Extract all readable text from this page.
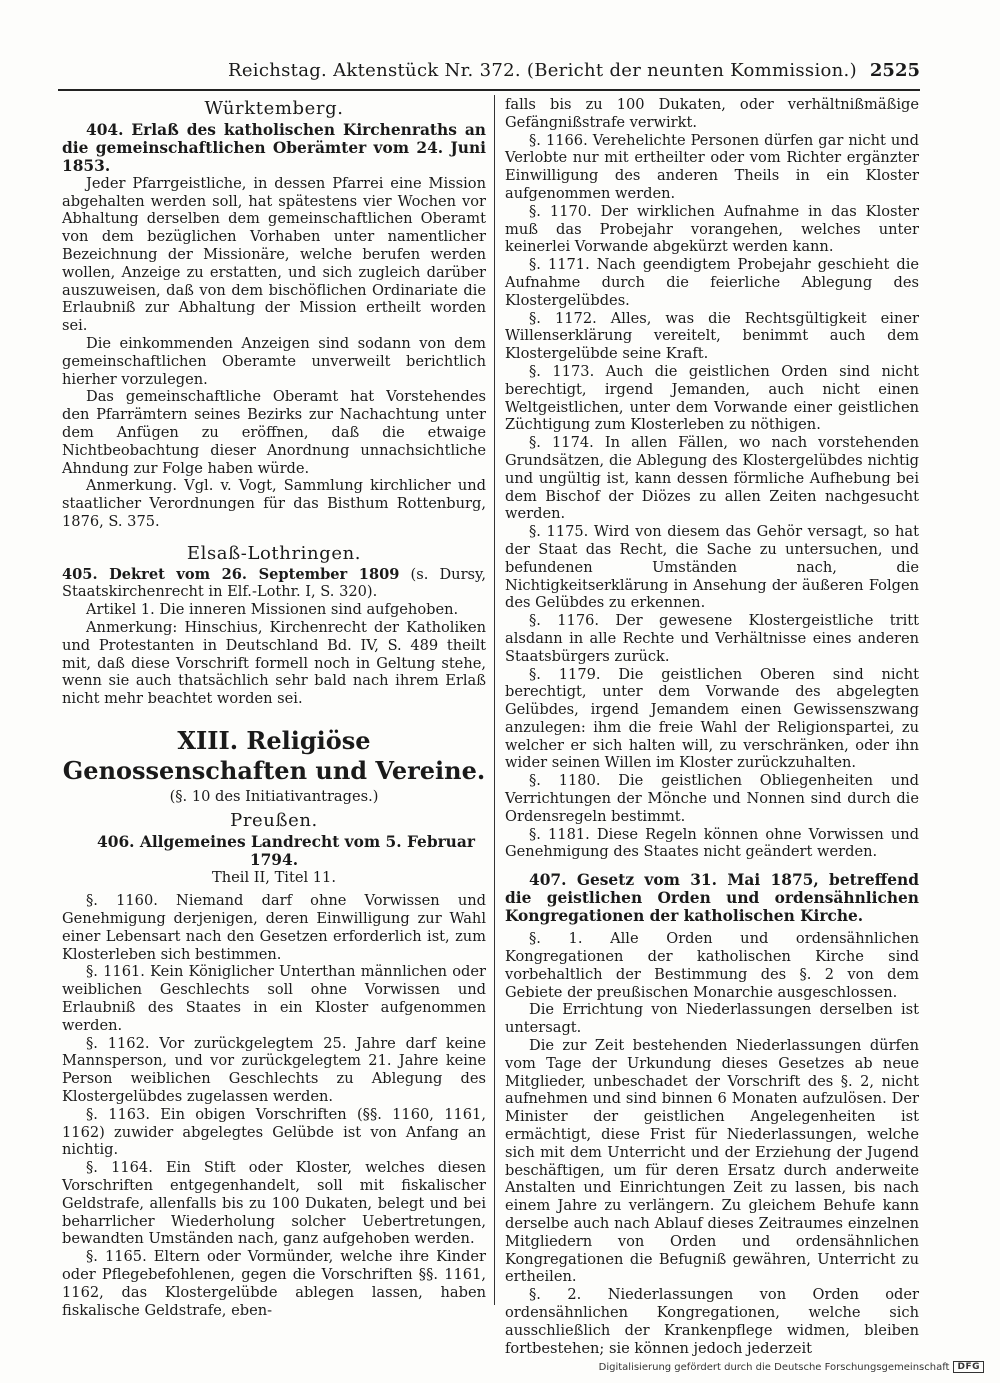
Reichstag. Aktenstück Nr. 372. (Bericht der neunten Kommission.) 2525
Würktemberg.

404. Erlaß des katholischen Kirchenraths an die gemeinschaftlichen Oberämter vom 24. Juni 1853.

Jeder Pfarrgeistliche, in dessen Pfarrei eine Mission abgehalten werden soll, hat spätestens vier Wochen vor Abhaltung derselben dem gemeinschaftlichen Oberamt von dem bezüglichen Vorhaben unter namentlicher Bezeichnung der Missionäre, welche berufen werden wollen, Anzeige zu erstatten, und sich zugleich darüber auszuweisen, daß von dem bischöflichen Ordinariate die Erlaubniß zur Abhaltung der Mission ertheilt worden sei.

Die einkommenden Anzeigen sind sodann von dem gemeinschaftlichen Oberamte unverweilt berichtlich hierher vorzulegen.

Das gemeinschaftliche Oberamt hat Vorstehendes den Pfarrämtern seines Bezirks zur Nachachtung unter dem Anfügen zu eröffnen, daß die etwaige Nichtbeobachtung dieser Anordnung unnachsichtliche Ahndung zur Folge haben würde.

Anmerkung. Vgl. v. Vogt, Sammlung kirchlicher und staatlicher Verordnungen für das Bisthum Rottenburg, 1876, S. 375.

Elsaß-Lothringen.

405. Dekret vom 26. September 1809 (s. Dursy, Staatskirchenrecht in Elf.-Lothr. I, S. 320).

Artikel 1. Die inneren Missionen sind aufgehoben.

Anmerkung: Hinschius, Kirchenrecht der Katholiken und Protestanten in Deutschland Bd. IV, S. 489 theilt mit, daß diese Vorschrift formell noch in Geltung stehe, wenn sie auch thatsächlich sehr bald nach ihrem Erlaß nicht mehr beachtet worden sei.

XIII. Religiöse Genossenschaften und Vereine.
(§. 10 des Initiativantrages.)
Preußen.

406. Allgemeines Landrecht vom 5. Februar 1794.

Theil II, Titel 11.

§. 1160. Niemand darf ohne Vorwissen und Genehmigung derjenigen, deren Einwilligung zur Wahl einer Lebensart nach den Gesetzen erforderlich ist, zum Klosterleben sich bestimmen.

§. 1161. Kein Königlicher Unterthan männlichen oder weiblichen Geschlechts soll ohne Vorwissen und Erlaubniß des Staates in ein Kloster aufgenommen werden.

§. 1162. Vor zurückgelegtem 25. Jahre darf keine Mannsperson, und vor zurückgelegtem 21. Jahre keine Person weiblichen Geschlechts zu Ablegung des Klostergelübdes zugelassen werden.

§. 1163. Ein obigen Vorschriften (§§. 1160, 1161, 1162) zuwider abgelegtes Gelübde ist von Anfang an nichtig.

§. 1164. Ein Stift oder Kloster, welches diesen Vorschriften entgegenhandelt, soll mit fiskalischer Geldstrafe, allenfalls bis zu 100 Dukaten, belegt und bei beharrlicher Wiederholung solcher Uebertretungen, bewandten Umständen nach, ganz aufgehoben werden.

§. 1165. Eltern oder Vormünder, welche ihre Kinder oder Pflegebefohlenen, gegen die Vorschriften §§. 1161, 1162, das Klostergelübde ablegen lassen, haben fiskalische Geldstrafe, eben-

falls bis zu 100 Dukaten, oder verhältnißmäßige Gefängnißstrafe verwirkt.

§. 1166. Verehelichte Personen dürfen gar nicht und Verlobte nur mit ertheilter oder vom Richter ergänzter Einwilligung des anderen Theils in ein Kloster aufgenommen werden.

§. 1170. Der wirklichen Aufnahme in das Kloster muß das Probejahr vorangehen, welches unter keinerlei Vorwande abgekürzt werden kann.

§. 1171. Nach geendigtem Probejahr geschieht die Aufnahme durch die feierliche Ablegung des Klostergelübdes.

§. 1172. Alles, was die Rechtsgültigkeit einer Willenserklärung vereitelt, benimmt auch dem Klostergelübde seine Kraft.

§. 1173. Auch die geistlichen Orden sind nicht berechtigt, irgend Jemanden, auch nicht einen Weltgeistlichen, unter dem Vorwande einer geistlichen Züchtigung zum Klosterleben zu nöthigen.

§. 1174. In allen Fällen, wo nach vorstehenden Grundsätzen, die Ablegung des Klostergelübdes nichtig und ungültig ist, kann dessen förmliche Aufhebung bei dem Bischof der Diözes zu allen Zeiten nachgesucht werden.

§. 1175. Wird von diesem das Gehör versagt, so hat der Staat das Recht, die Sache zu untersuchen, und befundenen Umständen nach, die Nichtigkeitserklärung in Ansehung der äußeren Folgen des Gelübdes zu erkennen.

§. 1176. Der gewesene Klostergeistliche tritt alsdann in alle Rechte und Verhältnisse eines anderen Staatsbürgers zurück.

§. 1179. Die geistlichen Oberen sind nicht berechtigt, unter dem Vorwande des abgelegten Gelübdes, irgend Jemandem einen Gewissenszwang anzulegen: ihm die freie Wahl der Religionspartei, zu welcher er sich halten will, zu verschränken, oder ihn wider seinen Willen im Kloster zurückzuhalten.

§. 1180. Die geistlichen Obliegenheiten und Verrichtungen der Mönche und Nonnen sind durch die Ordensregeln bestimmt.

§. 1181. Diese Regeln können ohne Vorwissen und Genehmigung des Staates nicht geändert werden.

407. Gesetz vom 31. Mai 1875, betreffend die geistlichen Orden und ordensähnlichen Kongregationen der katholischen Kirche.

§. 1. Alle Orden und ordensähnlichen Kongregationen der katholischen Kirche sind vorbehaltlich der Bestimmung des §. 2 von dem Gebiete der preußischen Monarchie ausgeschlossen.

Die Errichtung von Niederlassungen derselben ist untersagt.

Die zur Zeit bestehenden Niederlassungen dürfen vom Tage der Urkundung dieses Gesetzes ab neue Mitglieder, unbeschadet der Vorschrift des §. 2, nicht aufnehmen und sind binnen 6 Monaten aufzulösen. Der Minister der geistlichen Angelegenheiten ist ermächtigt, diese Frist für Niederlassungen, welche sich mit dem Unterricht und der Erziehung der Jugend beschäftigen, um für deren Ersatz durch anderweite Anstalten und Einrichtungen Zeit zu lassen, bis nach einem Jahre zu verlängern. Zu gleichem Behufe kann derselbe auch nach Ablauf dieses Zeitraumes einzelnen Mitgliedern von Orden und ordensähnlichen Kongregationen die Befugniß gewähren, Unterricht zu ertheilen.

§. 2. Niederlassungen von Orden oder ordensähnlichen Kongregationen, welche sich ausschließlich der Krankenpflege widmen, bleiben fortbestehen; sie können jedoch jederzeit

Digitalisierung gefördert durch die Deutsche Forschungsgemeinschaft DFG
